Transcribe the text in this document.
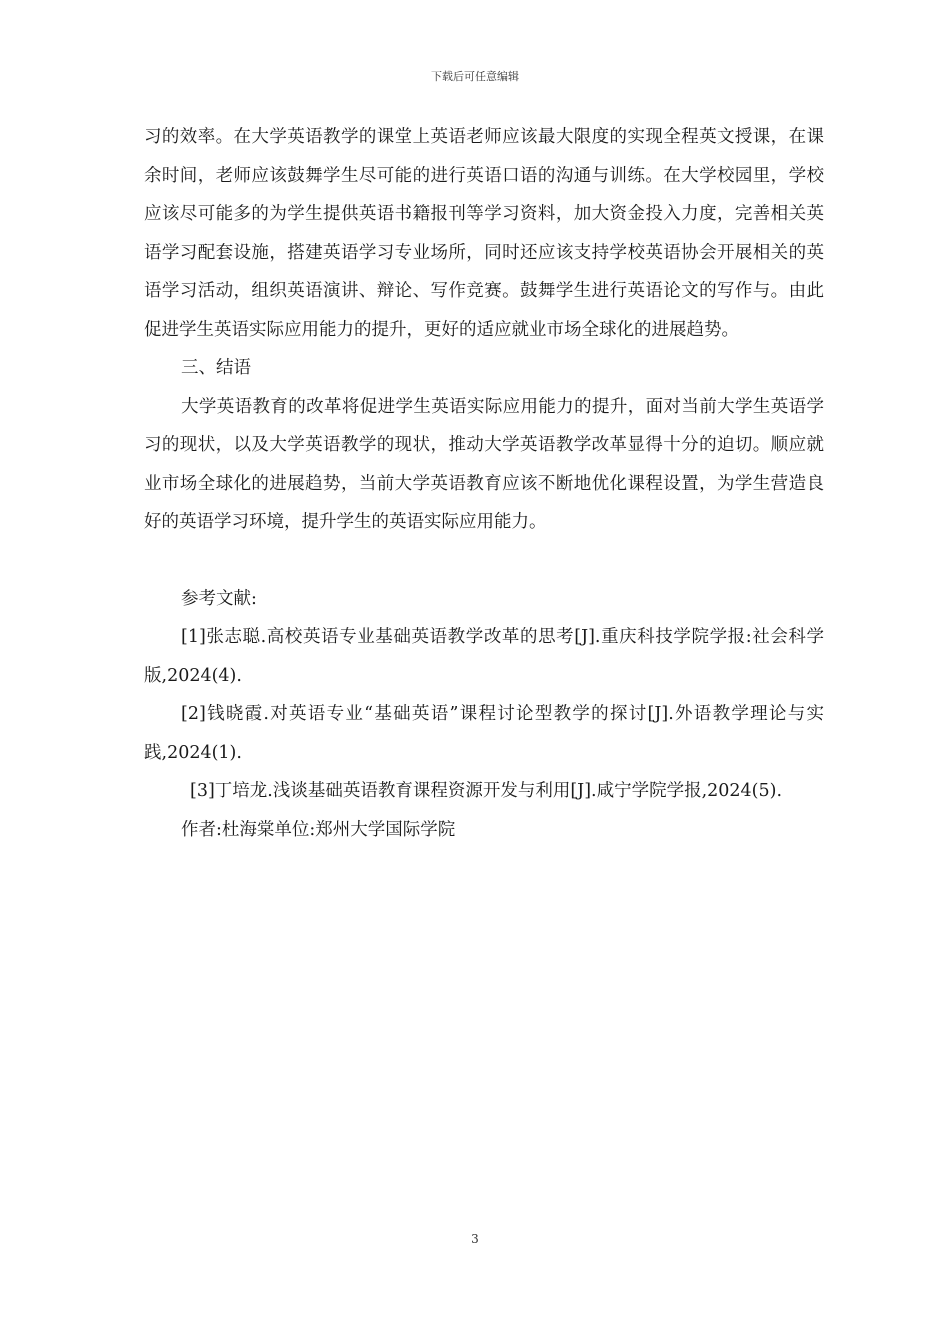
下载后可任意编辑

习的效率。在大学英语教学的课堂上英语老师应该最大限度的实现全程英文授课，在课余时间，老师应该鼓舞学生尽可能的进行英语口语的沟通与训练。在大学校园里，学校应该尽可能多的为学生提供英语书籍报刊等学习资料，加大资金投入力度，完善相关英语学习配套设施，搭建英语学习专业场所，同时还应该支持学校英语协会开展相关的英语学习活动，组织英语演讲、辩论、写作竞赛。鼓舞学生进行英语论文的写作与。由此促进学生英语实际应用能力的提升，更好的适应就业市场全球化的进展趋势。

三、结语

大学英语教育的改革将促进学生英语实际应用能力的提升，面对当前大学生英语学习的现状，以及大学英语教学的现状，推动大学英语教学改革显得十分的迫切。顺应就业市场全球化的进展趋势，当前大学英语教育应该不断地优化课程设置，为学生营造良好的英语学习环境，提升学生的英语实际应用能力。

参考文献:

[1]张志聪.高校英语专业基础英语教学改革的思考[J].重庆科技学院学报:社会科学版,2024(4).

[2]钱晓霞.对英语专业“基础英语”课程讨论型教学的探讨[J].外语教学理论与实践,2024(1).

[3]丁培龙.浅谈基础英语教育课程资源开发与利用[J].咸宁学院学报,2024(5).

作者:杜海棠单位:郑州大学国际学院

3
